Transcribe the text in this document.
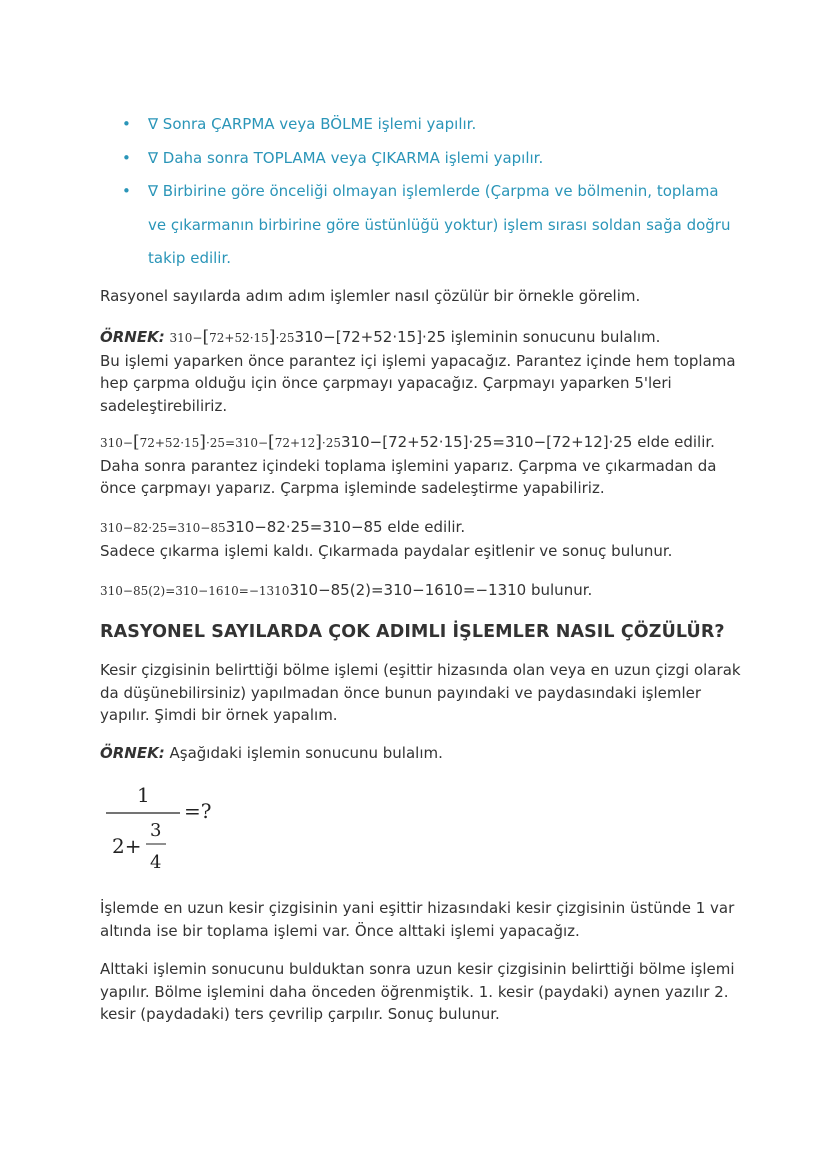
• ∇ Sonra ÇARPMA veya BÖLME işlemi yapılır.
• ∇ Daha sonra TOPLAMA veya ÇIKARMA işlemi yapılır.
• ∇ Birbirine göre önceliği olmayan işlemlerde (Çarpma ve bölmenin, toplama
ve çıkarmanın birbirine göre üstünlüğü yoktur) işlem sırası soldan sağa doğru
takip edilir.

Rasyonel sayılarda adım adım işlemler nasıl çözülür bir örnekle görelim.

ÖRNEK: 310−[72+52·15]·25310−[72+52·15]·25 işleminin sonucunu bulalım.
Bu işlemi yaparken önce parantez içi işlemi yapacağız. Parantez içinde hem toplama
hep çarpma olduğu için önce çarpmayı yapacağız. Çarpmayı yaparken 5'leri
sadeleştirebiliriz.
310−[72+52·15]·25=310−[72+12]·25310−[72+52·15]·25=310−[72+12]·25 elde edilir.
Daha sonra parantez içindeki toplama işlemini yaparız. Çarpma ve çıkarmadan da
önce çarpmayı yaparız. Çarpma işleminde sadeleştirme yapabiliriz.
310−82·25=310−85310−82·25=310−85 elde edilir.
Sadece çıkarma işlemi kaldı. Çıkarmada paydalar eşitlenir ve sonuç bulunur.
310−85(2)=310−1610=−1310310−85(2)=310−1610=−1310 bulunur.
RASYONEL SAYILARDA ÇOK ADIMLI İŞLEMLER NASIL ÇÖZÜLÜR?
Kesir çizgisinin belirttiği bölme işlemi (eşittir hizasında olan veya en uzun çizgi olarak
da düşünebilirsiniz) yapılmadan önce bunun payındaki ve paydasındaki işlemler
yapılır. Şimdi bir örnek yapalım.
ÖRNEK: Aşağıdaki işlemin sonucunu bulalım.
1
=?
2+
3
4
İşlemde en uzun kesir çizgisinin yani eşittir hizasındaki kesir çizgisinin üstünde 1 var
altında ise bir toplama işlemi var. Önce alttaki işlemi yapacağız.
Alttaki işlemin sonucunu bulduktan sonra uzun kesir çizgisinin belirttiği bölme işlemi
yapılır. Bölme işlemini daha önceden öğrenmiştik. 1. kesir (paydaki) aynen yazılır 2.
kesir (paydadaki) ters çevrilip çarpılır. Sonuç bulunur.
